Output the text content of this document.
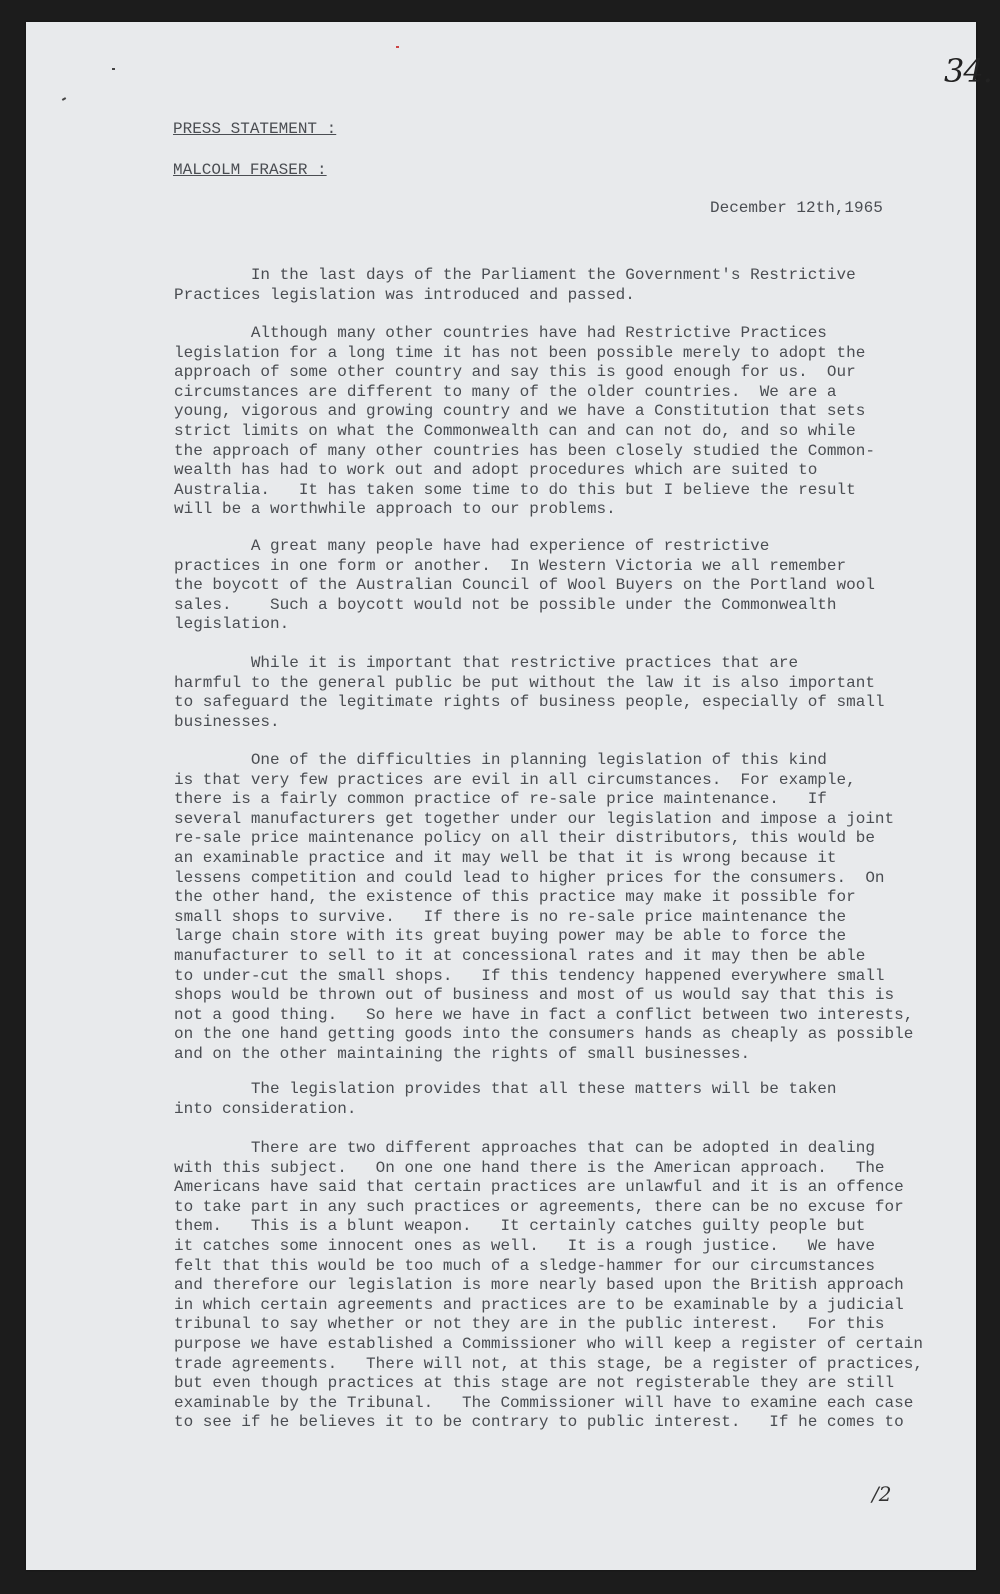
34.
PRESS STATEMENT :
MALCOLM FRASER :
December 12th,1965

In the last days of the Parliament the Government's Restrictive
Practices legislation was introduced and passed.

Although many other countries have had Restrictive Practices
legislation for a long time it has not been possible merely to adopt the
approach of some other country and say this is good enough for us.  Our
circumstances are different to many of the older countries.  We are a
young, vigorous and growing country and we have a Constitution that sets
strict limits on what the Commonwealth can and can not do, and so while
the approach of many other countries has been closely studied the Common-
wealth has had to work out and adopt procedures which are suited to
Australia.   It has taken some time to do this but I believe the result
will be a worthwhile approach to our problems.

A great many people have had experience of restrictive
practices in one form or another.  In Western Victoria we all remember
the boycott of the Australian Council of Wool Buyers on the Portland wool
sales.    Such a boycott would not be possible under the Commonwealth
legislation.

While it is important that restrictive practices that are
harmful to the general public be put without the law it is also important
to safeguard the legitimate rights of business people, especially of small
businesses.

One of the difficulties in planning legislation of this kind
is that very few practices are evil in all circumstances.  For example,
there is a fairly common practice of re-sale price maintenance.   If
several manufacturers get together under our legislation and impose a joint
re-sale price maintenance policy on all their distributors, this would be
an examinable practice and it may well be that it is wrong because it
lessens competition and could lead to higher prices for the consumers.  On
the other hand, the existence of this practice may make it possible for
small shops to survive.   If there is no re-sale price maintenance the
large chain store with its great buying power may be able to force the
manufacturer to sell to it at concessional rates and it may then be able
to under-cut the small shops.   If this tendency happened everywhere small
shops would be thrown out of business and most of us would say that this is
not a good thing.   So here we have in fact a conflict between two interests,
on the one hand getting goods into the consumers hands as cheaply as possible
and on the other maintaining the rights of small businesses.

The legislation provides that all these matters will be taken
into consideration.

There are two different approaches that can be adopted in dealing
with this subject.   On one one hand there is the American approach.   The
Americans have said that certain practices are unlawful and it is an offence
to take part in any such practices or agreements, there can be no excuse for
them.   This is a blunt weapon.   It certainly catches guilty people but
it catches some innocent ones as well.   It is a rough justice.   We have
felt that this would be too much of a sledge-hammer for our circumstances
and therefore our legislation is more nearly based upon the British approach
in which certain agreements and practices are to be examinable by a judicial
tribunal to say whether or not they are in the public interest.   For this
purpose we have established a Commissioner who will keep a register of certain
trade agreements.   There will not, at this stage, be a register of practices,
but even though practices at this stage are not registerable they are still
examinable by the Tribunal.   The Commissioner will have to examine each case
to see if he believes it to be contrary to public interest.   If he comes to

/2
